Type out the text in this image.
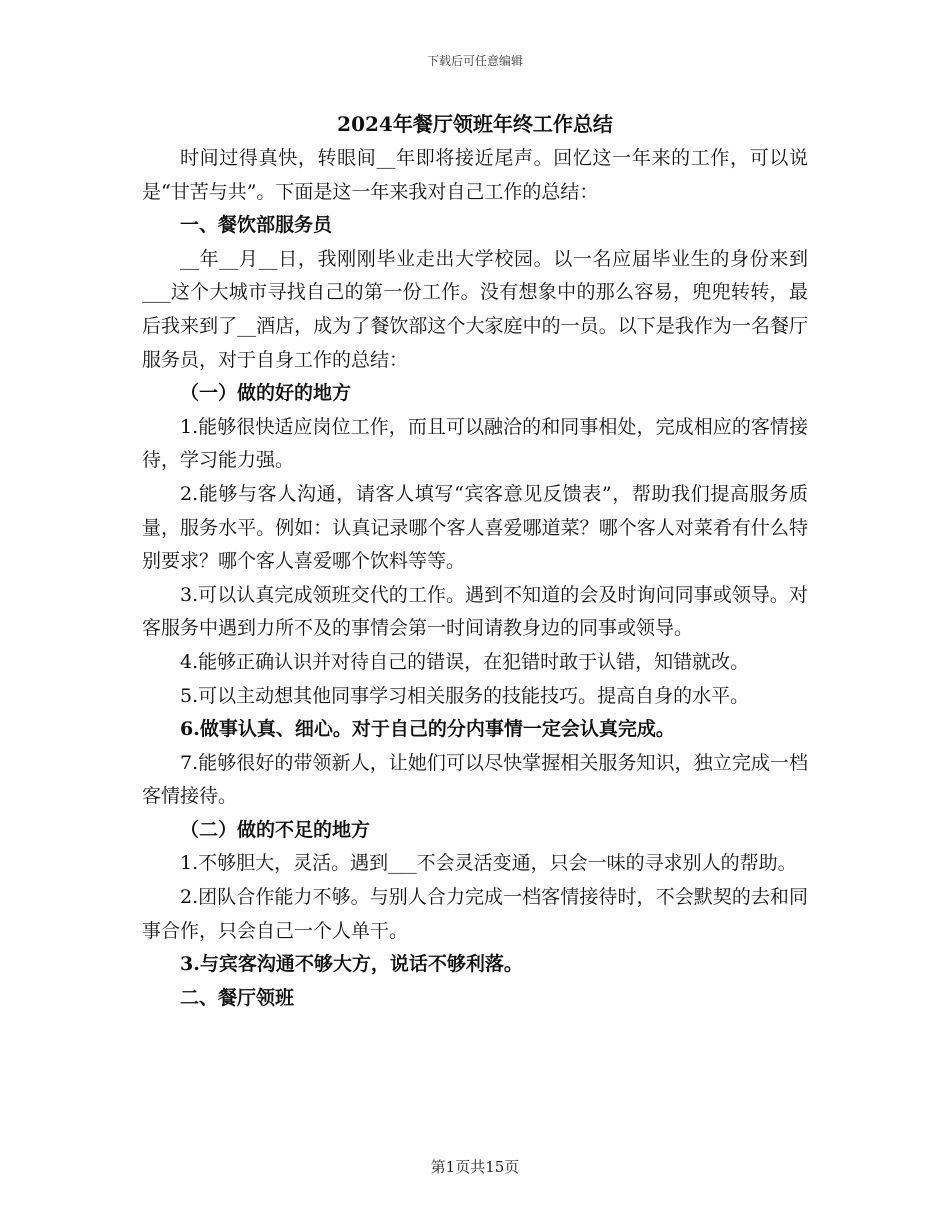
下载后可任意编辑
2024年餐厅领班年终工作总结

时间过得真快，转眼间__年即将接近尾声。回忆这一年来的工作，可以说是“甘苦与共”。下面是这一年来我对自己工作的总结：

一、餐饮部服务员

__年__月__日，我刚刚毕业走出大学校园。以一名应届毕业生的身份来到___这个大城市寻找自己的第一份工作。没有想象中的那么容易，兜兜转转，最后我来到了__酒店，成为了餐饮部这个大家庭中的一员。以下是我作为一名餐厅服务员，对于自身工作的总结：

（一）做的好的地方

1.能够很快适应岗位工作，而且可以融洽的和同事相处，完成相应的客情接待，学习能力强。

2.能够与客人沟通，请客人填写“宾客意见反馈表”，帮助我们提高服务质量，服务水平。例如：认真记录哪个客人喜爱哪道菜？哪个客人对菜肴有什么特别要求？哪个客人喜爱哪个饮料等等。

3.可以认真完成领班交代的工作。遇到不知道的会及时询问同事或领导。对客服务中遇到力所不及的事情会第一时间请教身边的同事或领导。

4.能够正确认识并对待自己的错误，在犯错时敢于认错，知错就改。

5.可以主动想其他同事学习相关服务的技能技巧。提高自身的水平。

6.做事认真、细心。对于自己的分内事情一定会认真完成。

7.能够很好的带领新人，让她们可以尽快掌握相关服务知识，独立完成一档客情接待。

（二）做的不足的地方

1.不够胆大，灵活。遇到___不会灵活变通，只会一味的寻求别人的帮助。

2.团队合作能力不够。与别人合力完成一档客情接待时，不会默契的去和同事合作，只会自己一个人单干。

3.与宾客沟通不够大方，说话不够利落。

二、餐厅领班

第1页共15页
